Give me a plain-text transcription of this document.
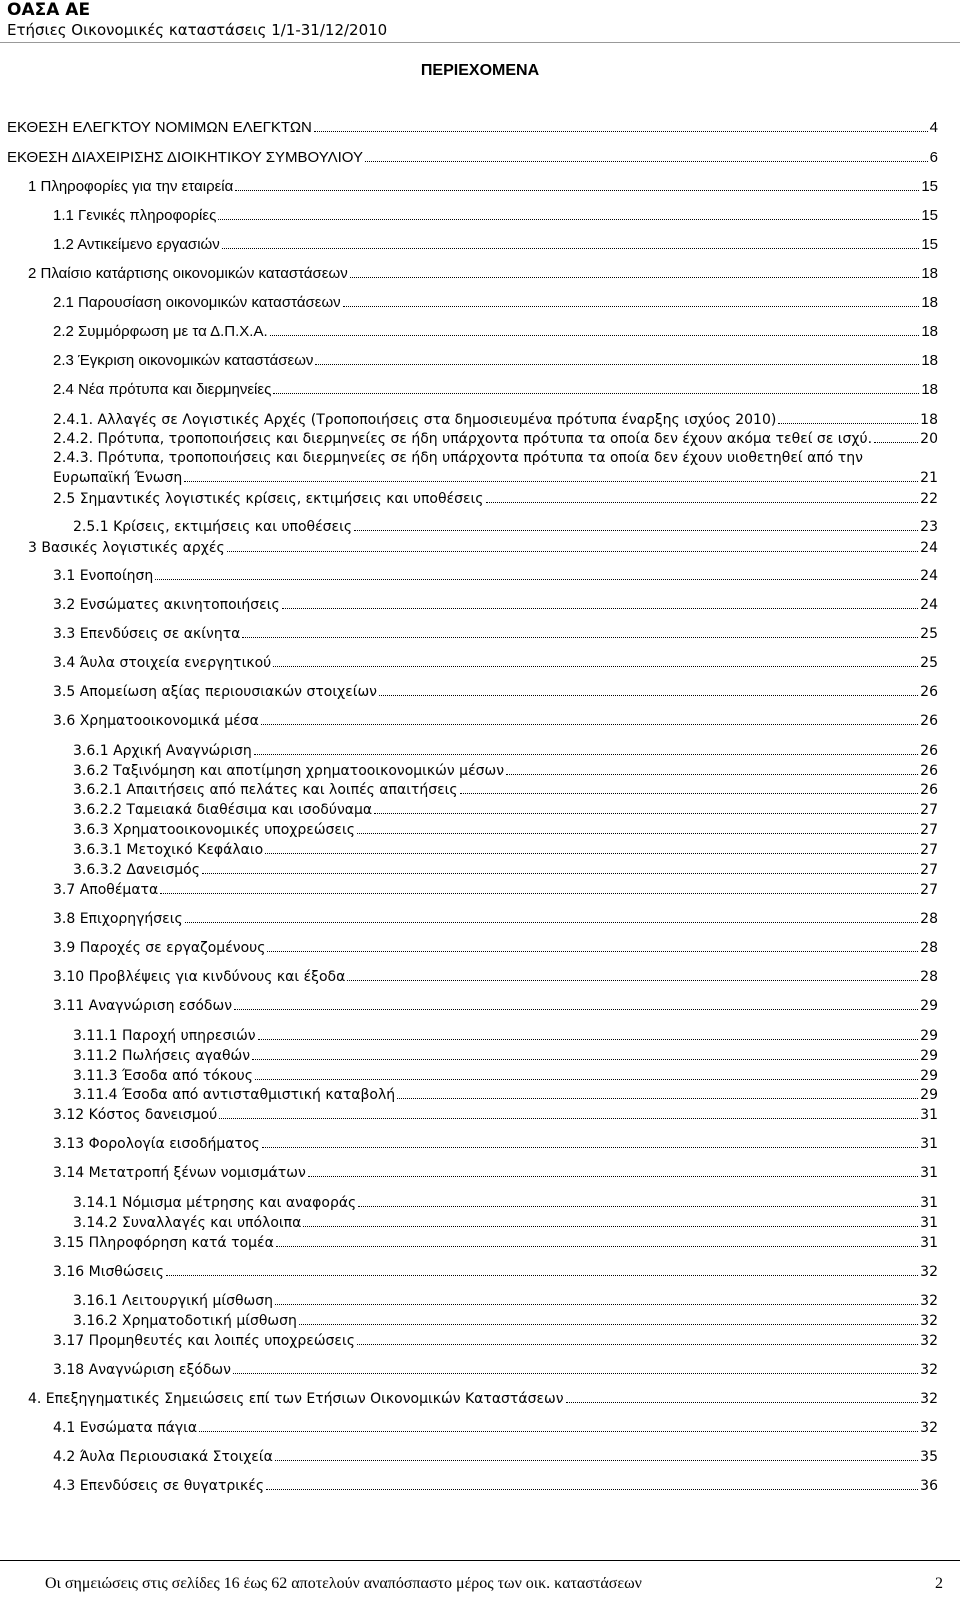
ΟΑΣΑ ΑΕ

Ετήσιες Οικονομικές καταστάσεις 1/1-31/12/2010

ΠΕΡΙΕΧΟΜΕΝΑ
ΕΚΘΕΣΗ ΕΛΕΓΚΤΟΥ ΝΟΜΙΜΩΝ ΕΛΕΓΚΤΩΝ	4
ΕΚΘΕΣΗ ΔΙΑΧΕΙΡΙΣΗΣ ΔΙΟΙΚΗΤΙΚΟΥ ΣΥΜΒΟΥΛΙΟΥ	6
1 Πληροφορίες για την εταιρεία	15
1.1 Γενικές πληροφορίες	15
1.2 Αντικείμενο εργασιών	15
2 Πλαίσιο κατάρτισης οικονομικών καταστάσεων	18
2.1 Παρουσίαση οικονομικών καταστάσεων	18
2.2 Συμμόρφωση με τα Δ.Π.Χ.Α.	18
2.3 Έγκριση οικονομικών καταστάσεων	18
2.4 Νέα πρότυπα και διερμηνείες	18
2.4.1. Αλλαγές σε Λογιστικές Αρχές (Τροποποιήσεις στα δημοσιευμένα πρότυπα έναρξης ισχύος 2010)	18
2.4.2. Πρότυπα, τροποποιήσεις και διερμηνείες σε ήδη υπάρχοντα πρότυπα τα οποία δεν έχουν ακόμα τεθεί σε ισχύ.	20
2.4.3. Πρότυπα, τροποποιήσεις και διερμηνείες σε ήδη υπάρχοντα πρότυπα τα οποία δεν έχουν υιοθετηθεί από την
Ευρωπαϊκή Ένωση	21
2.5 Σημαντικές λογιστικές κρίσεις, εκτιμήσεις και υποθέσεις	22
2.5.1 Κρίσεις, εκτιμήσεις και υποθέσεις	23
3 Βασικές λογιστικές αρχές	24
3.1 Ενοποίηση	24
3.2 Ενσώματες ακινητοποιήσεις	24
3.3 Επενδύσεις σε ακίνητα	25
3.4 Άυλα στοιχεία ενεργητικού	25
3.5 Απομείωση αξίας περιουσιακών στοιχείων	26
3.6 Χρηματοοικονομικά μέσα	26
3.6.1 Αρχική Αναγνώριση	26
3.6.2 Ταξινόμηση και αποτίμηση χρηματοοικονομικών μέσων	26
3.6.2.1 Απαιτήσεις από πελάτες και λοιπές απαιτήσεις	26
3.6.2.2 Ταμειακά διαθέσιμα και ισοδύναμα	27
3.6.3 Χρηματοοικονομικές υποχρεώσεις	27
3.6.3.1 Μετοχικό Κεφάλαιο	27
3.6.3.2 Δανεισμός	27
3.7 Αποθέματα	27
3.8 Επιχορηγήσεις	28
3.9 Παροχές σε εργαζομένους	28
3.10 Προβλέψεις για κινδύνους και έξοδα	28
3.11 Αναγνώριση εσόδων	29
3.11.1 Παροχή υπηρεσιών	29
3.11.2 Πωλήσεις αγαθών	29
3.11.3 Έσοδα από τόκους	29
3.11.4 Έσοδα από αντισταθμιστική καταβολή	29
3.12 Κόστος δανεισμού	31
3.13 Φορολογία εισοδήματος	31
3.14 Μετατροπή ξένων νομισμάτων	31
3.14.1 Νόμισμα μέτρησης και αναφοράς	31
3.14.2 Συναλλαγές και υπόλοιπα	31
3.15 Πληροφόρηση κατά τομέα	31
3.16 Μισθώσεις	32
3.16.1 Λειτουργική μίσθωση	32
3.16.2 Χρηματοδοτική μίσθωση	32
3.17 Προμηθευτές και λοιπές υποχρεώσεις	32
3.18 Αναγνώριση εξόδων	32
4. Επεξηγηματικές Σημειώσεις επί των Ετήσιων Οικονομικών Καταστάσεων	32
4.1 Ενσώματα πάγια	32
4.2 Άυλα Περιουσιακά Στοιχεία	35
4.3 Επενδύσεις σε θυγατρικές	36
Οι σημειώσεις στις σελίδες 16 έως 62 αποτελούν αναπόσπαστο μέρος των οικ. καταστάσεων	2
